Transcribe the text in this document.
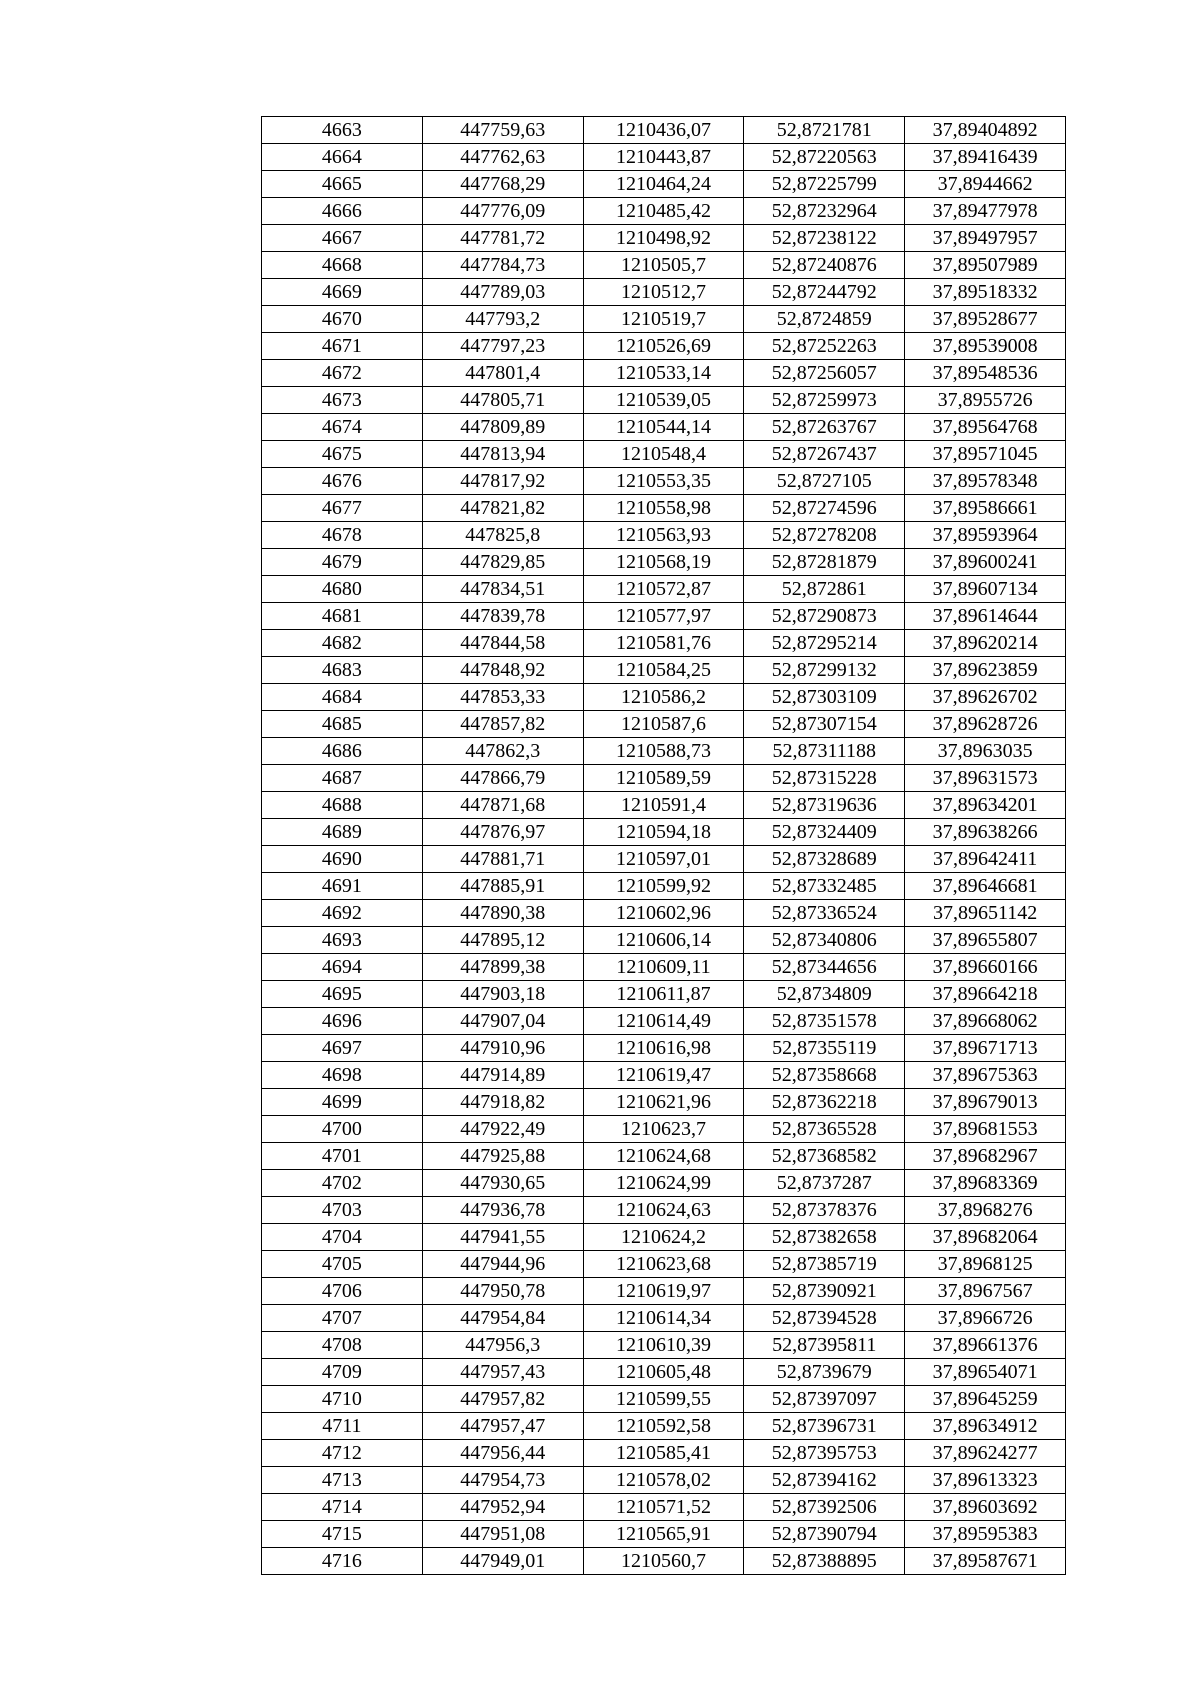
4663	447759,63	1210436,07	52,8721781	37,89404892
4664	447762,63	1210443,87	52,87220563	37,89416439
4665	447768,29	1210464,24	52,87225799	37,8944662
4666	447776,09	1210485,42	52,87232964	37,89477978
4667	447781,72	1210498,92	52,87238122	37,89497957
4668	447784,73	1210505,7	52,87240876	37,89507989
4669	447789,03	1210512,7	52,87244792	37,89518332
4670	447793,2	1210519,7	52,8724859	37,89528677
4671	447797,23	1210526,69	52,87252263	37,89539008
4672	447801,4	1210533,14	52,87256057	37,89548536
4673	447805,71	1210539,05	52,87259973	37,8955726
4674	447809,89	1210544,14	52,87263767	37,89564768
4675	447813,94	1210548,4	52,87267437	37,89571045
4676	447817,92	1210553,35	52,8727105	37,89578348
4677	447821,82	1210558,98	52,87274596	37,89586661
4678	447825,8	1210563,93	52,87278208	37,89593964
4679	447829,85	1210568,19	52,87281879	37,89600241
4680	447834,51	1210572,87	52,872861	37,89607134
4681	447839,78	1210577,97	52,87290873	37,89614644
4682	447844,58	1210581,76	52,87295214	37,89620214
4683	447848,92	1210584,25	52,87299132	37,89623859
4684	447853,33	1210586,2	52,87303109	37,89626702
4685	447857,82	1210587,6	52,87307154	37,89628726
4686	447862,3	1210588,73	52,87311188	37,8963035
4687	447866,79	1210589,59	52,87315228	37,89631573
4688	447871,68	1210591,4	52,87319636	37,89634201
4689	447876,97	1210594,18	52,87324409	37,89638266
4690	447881,71	1210597,01	52,87328689	37,89642411
4691	447885,91	1210599,92	52,87332485	37,89646681
4692	447890,38	1210602,96	52,87336524	37,89651142
4693	447895,12	1210606,14	52,87340806	37,89655807
4694	447899,38	1210609,11	52,87344656	37,89660166
4695	447903,18	1210611,87	52,8734809	37,89664218
4696	447907,04	1210614,49	52,87351578	37,89668062
4697	447910,96	1210616,98	52,87355119	37,89671713
4698	447914,89	1210619,47	52,87358668	37,89675363
4699	447918,82	1210621,96	52,87362218	37,89679013
4700	447922,49	1210623,7	52,87365528	37,89681553
4701	447925,88	1210624,68	52,87368582	37,89682967
4702	447930,65	1210624,99	52,8737287	37,89683369
4703	447936,78	1210624,63	52,87378376	37,8968276
4704	447941,55	1210624,2	52,87382658	37,89682064
4705	447944,96	1210623,68	52,87385719	37,8968125
4706	447950,78	1210619,97	52,87390921	37,8967567
4707	447954,84	1210614,34	52,87394528	37,8966726
4708	447956,3	1210610,39	52,87395811	37,89661376
4709	447957,43	1210605,48	52,8739679	37,89654071
4710	447957,82	1210599,55	52,87397097	37,89645259
4711	447957,47	1210592,58	52,87396731	37,89634912
4712	447956,44	1210585,41	52,87395753	37,89624277
4713	447954,73	1210578,02	52,87394162	37,89613323
4714	447952,94	1210571,52	52,87392506	37,89603692
4715	447951,08	1210565,91	52,87390794	37,89595383
4716	447949,01	1210560,7	52,87388895	37,89587671
